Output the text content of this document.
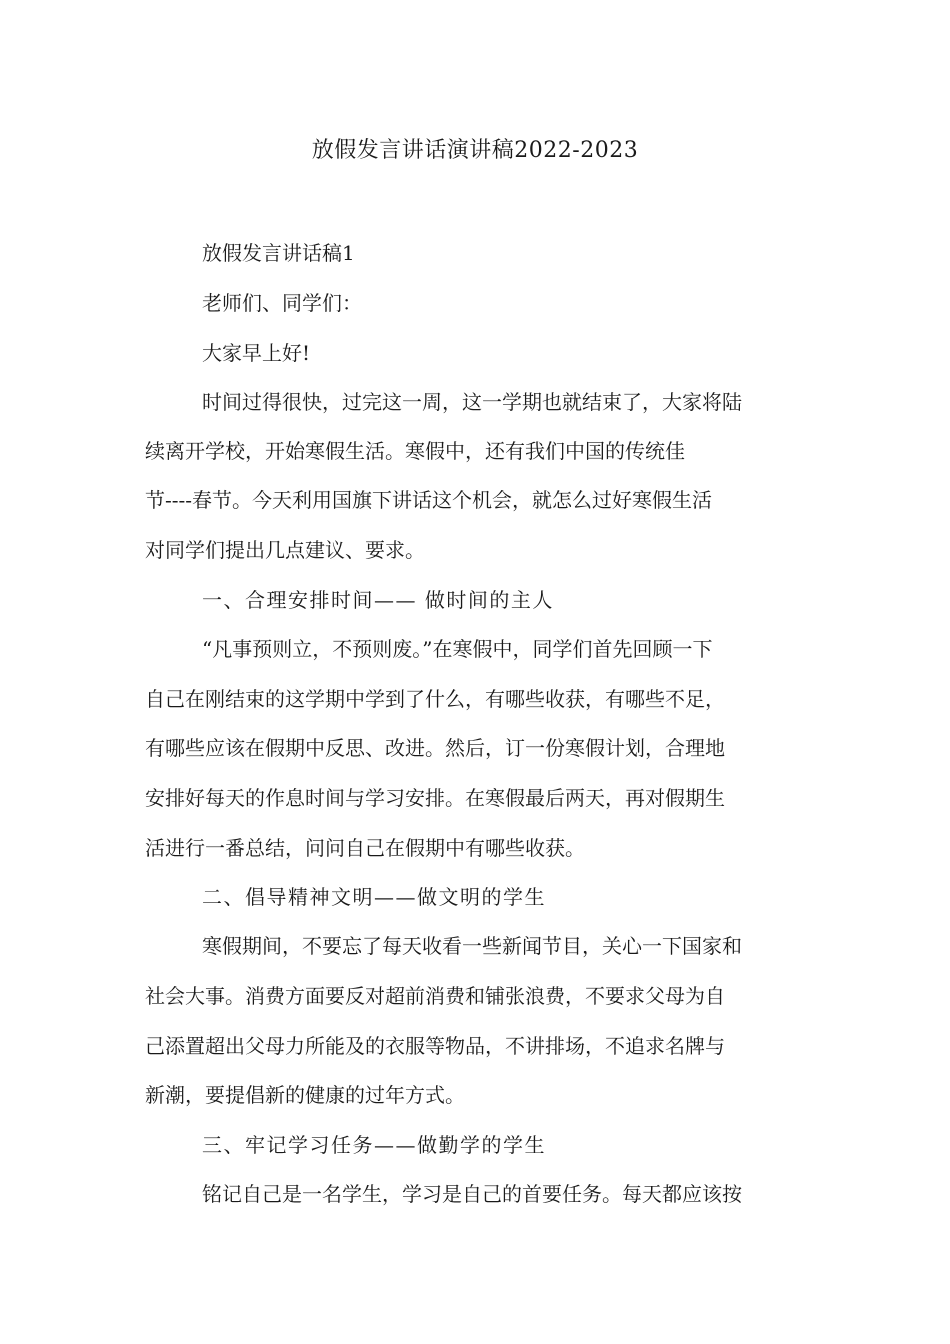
放假发言讲话演讲稿2022-2023
放假发言讲话稿1
老师们、同学们：
大家早上好!
时间过得很快，过完这一周，这一学期也就结束了，大家将陆
续离开学校，开始寒假生活。寒假中，还有我们中国的传统佳
节----春节。今天利用国旗下讲话这个机会，就怎么过好寒假生活
对同学们提出几点建议、要求。
一、合理安排时间—— 做时间的主人
“凡事预则立，不预则废。”在寒假中，同学们首先回顾一下
自己在刚结束的这学期中学到了什么，有哪些收获，有哪些不足，
有哪些应该在假期中反思、改进。然后，订一份寒假计划，合理地
安排好每天的作息时间与学习安排。在寒假最后两天，再对假期生
活进行一番总结，问问自己在假期中有哪些收获。
二、倡导精神文明——做文明的学生
寒假期间，不要忘了每天收看一些新闻节目，关心一下国家和
社会大事。消费方面要反对超前消费和铺张浪费，不要求父母为自
己添置超出父母力所能及的衣服等物品，不讲排场，不追求名牌与
新潮，要提倡新的健康的过年方式。
三、牢记学习任务——做勤学的学生
铭记自己是一名学生，学习是自己的首要任务。每天都应该按
